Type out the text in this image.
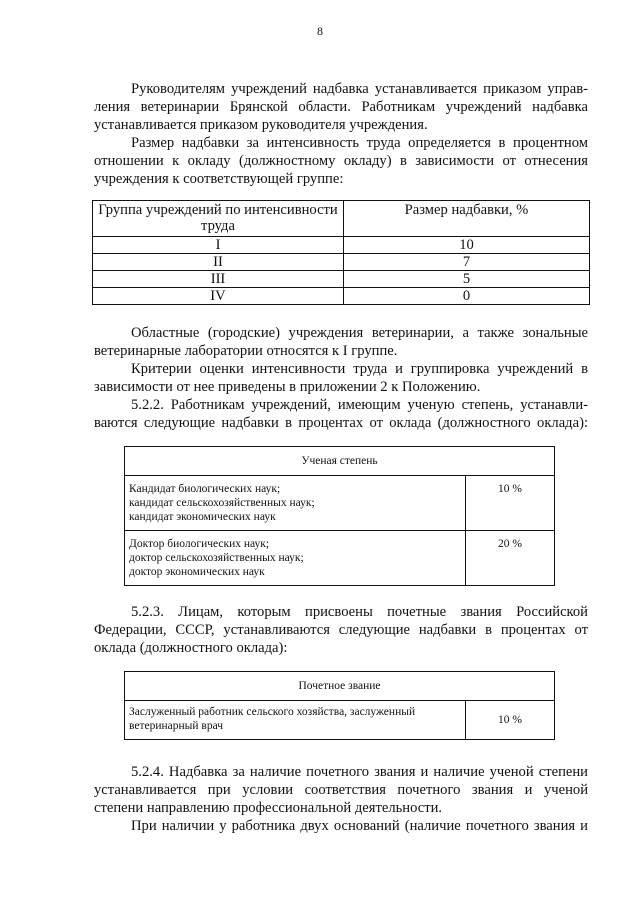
8
Руководителям учреждений надбавка устанавливается приказом управ-
ления ветеринарии Брянской области. Работникам учреждений надбавка
устанавливается приказом руководителя учреждения.
Размер надбавки за интенсивность труда определяется в процентном
отношении к окладу (должностному окладу) в зависимости от отнесения
учреждения к соответствующей группе:
Группа учреждений по интенсивности труда	Размер надбавки, %
I	10
II	7
III	5
IV	0
Областные (городские) учреждения ветеринарии, а также зональные
ветеринарные лаборатории относятся к I группе.
Критерии оценки интенсивности труда и группировка учреждений в
зависимости от нее приведены в приложении 2 к Положению.
5.2.2. Работникам учреждений, имеющим ученую степень, устанавли-
ваются следующие надбавки в процентах от оклада (должностного оклада):
Ученая степень	

Кандидат биологических наук;
кандидат сельскохозяйственных наук;
кандидат экономических наук	10 %

Доктор биологических наук;
доктор сельскохозяйственных наук;
доктор экономических наук	20 %
5.2.3. Лицам, которым присвоены почетные звания Российской
Федерации, СССР, устанавливаются следующие надбавки в процентах от
оклада (должностного оклада):
Почетное звание

Заслуженный работник сельского хозяйства, заслуженный
ветеринарный врач	10 %
5.2.4. Надбавка за наличие почетного звания и наличие ученой степени
устанавливается при условии соответствия почетного звания и ученой
степени направлению профессиональной деятельности.
При наличии у работника двух оснований (наличие почетного звания и
